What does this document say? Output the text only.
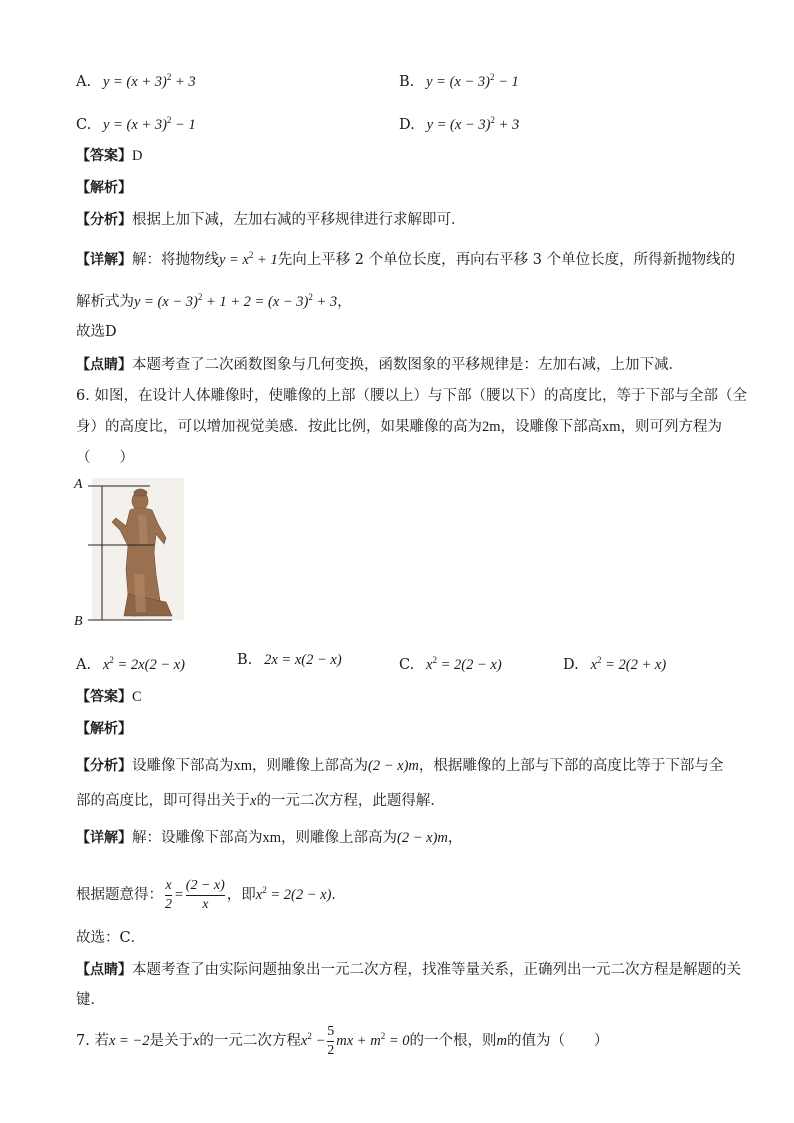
A.   $y = (x + 3)^2 + 3$	B.   $y = (x - 3)^2 - 1$
C.   $y = (x + 3)^2 - 1$	D.   $y = (x - 3)^2 + 3$
【答案】D
【解析】
【分析】根据上加下减，左加右减的平移规律进行求解即可．
【详解】解：将抛物线$y = x^2 + 1$先向上平移 2 个单位长度，再向右平移 3 个单位长度，所得新抛物线的
解析式为$y = (x - 3)^2 + 1 + 2 = (x - 3)^2 + 3$，
故选D
【点睛】本题考查了二次函数图象与几何变换，函数图象的平移规律是：左加右减，上加下减．
6. 如图，在设计人体雕像时，使雕像的上部（腰以上）与下部（腰以下）的高度比，等于下部与全部（全
身）的高度比，可以增加视觉美感．按此比例，如果雕像的高为2m，设雕像下部高xm，则可列方程为
（　　）
A
B
A.   $x^2 = 2x(2 - x)$	B.   2x = x(2 − x)	C.   $x^2 = 2(2 - x)$	D.   $x^2 = 2(2 + x)$
【答案】C
【解析】
【分析】设雕像下部高为xm，则雕像上部高为(2 − x)m，根据雕像的上部与下部的高度比等于下部与全
部的高度比，即可得出关于x的一元二次方程，此题得解．
【详解】解：设雕像下部高为xm，则雕像上部高为(2 − x)m，
根据题意得： $\frac{x}{2} = \frac{(2 - x)}{x}$ ，即$x^2 = 2(2 - x)$．
故选：C．
【点睛】本题考查了由实际问题抽象出一元二次方程，找准等量关系，正确列出一元二次方程是解题的关
键．
7. 若x = −2是关于x的一元二次方程$x^2 - \frac{5}{2}$ mx + $m^2 = 0$的一个根，则m的值为（　　）
